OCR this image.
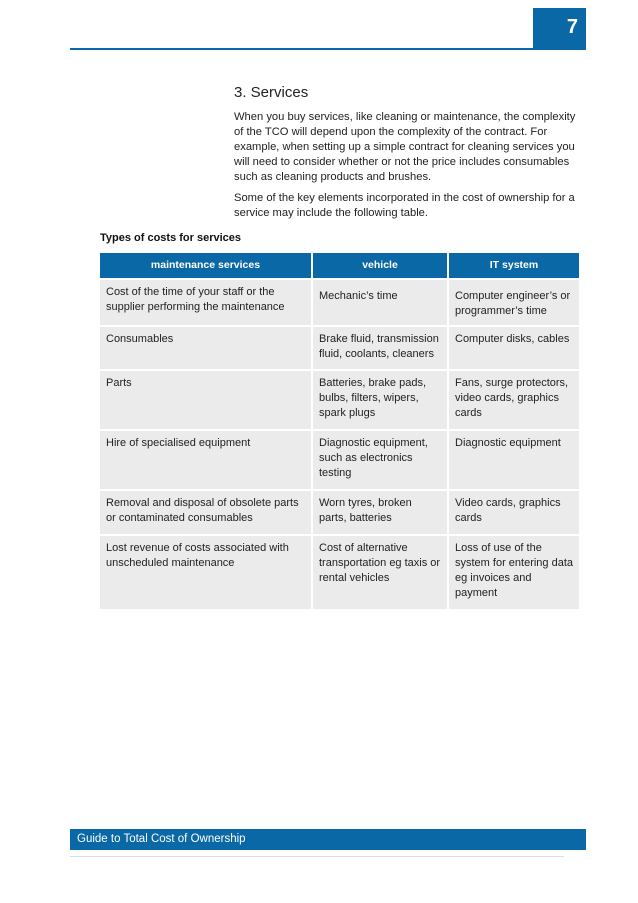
7
3. Services

When you buy services, like cleaning or maintenance, the complexity of the TCO will depend upon the complexity of the contract. For example, when setting up a simple contract for cleaning services you will need to consider whether or not the price includes consumables such as cleaning products and brushes.

Some of the key elements incorporated in the cost of ownership for a service may include the following table.

Types of costs for services
maintenance services	vehicle	IT system
Cost of the time of your staff or the supplier performing the maintenance	Mechanic’s time	Computer engineer’s or programmer’s time
Consumables	Brake fluid, transmission fluid, coolants, cleaners	Computer disks, cables
Parts	Batteries, brake pads, bulbs, filters, wipers, spark plugs	Fans, surge protectors, video cards, graphics cards
Hire of specialised equipment	Diagnostic equipment, such as electronics testing	Diagnostic equipment
Removal and disposal of obsolete parts or contaminated consumables	Worn tyres, broken parts, batteries	Video cards, graphics cards
Lost revenue of costs associated with unscheduled maintenance	Cost of alternative transportation eg taxis or rental vehicles	Loss of use of the system for entering data eg invoices and payment
Guide to Total Cost of Ownership
